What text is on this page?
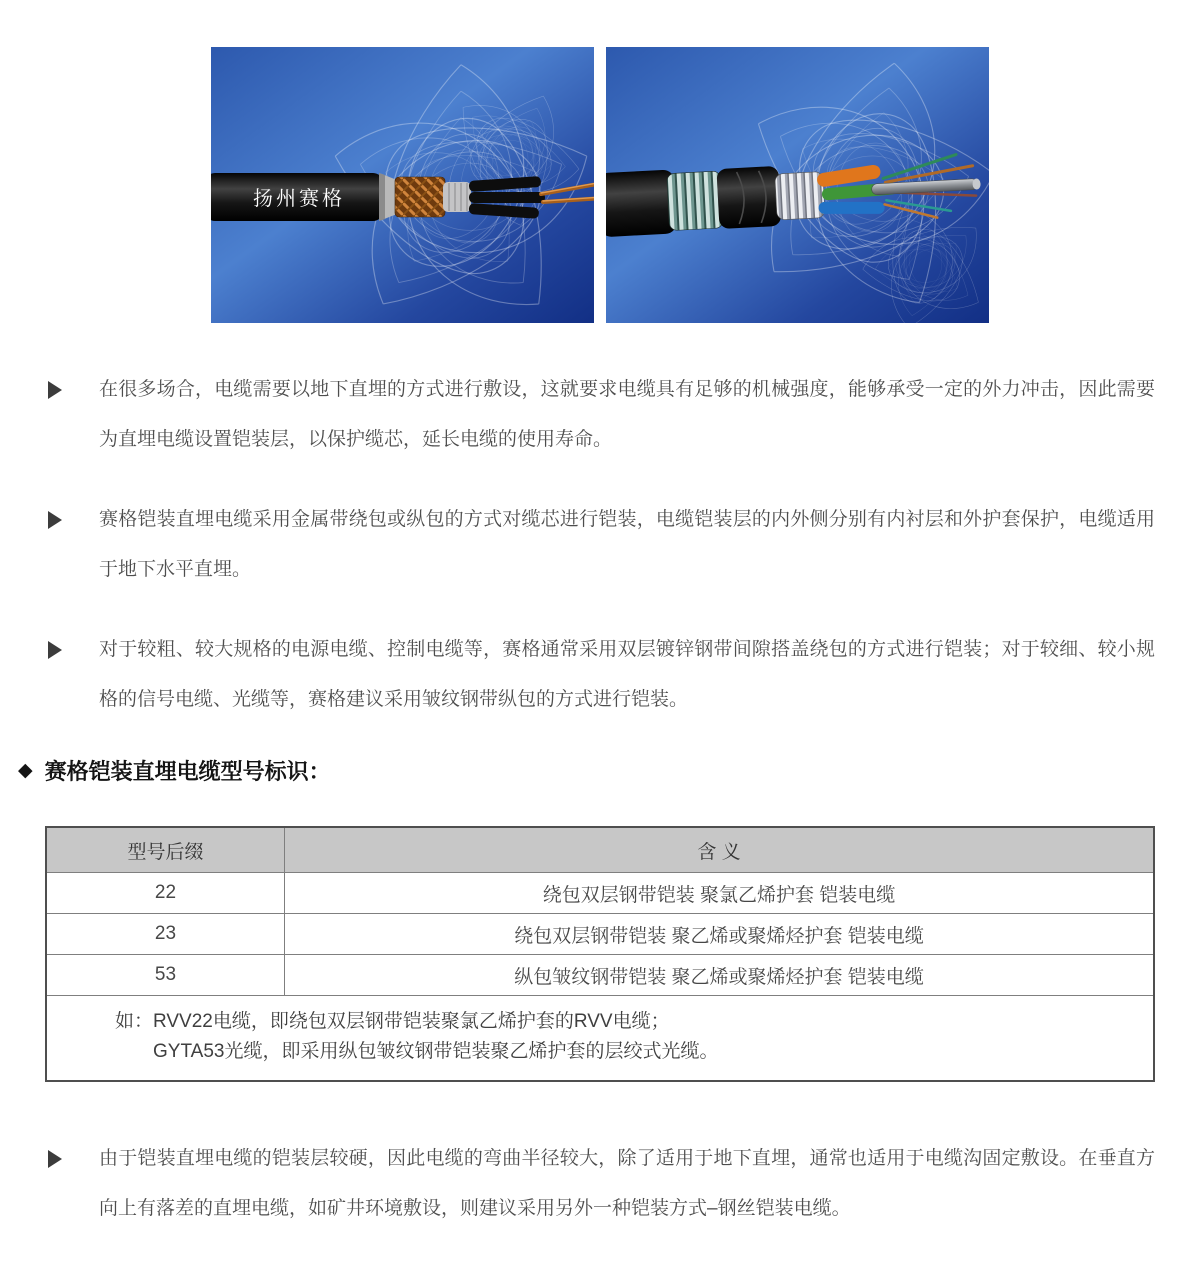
扬州赛格

在很多场合，电缆需要以地下直埋的方式进行敷设，这就要求电缆具有足够的机械强度，能够承受一定的外力冲击，因此需要为直埋电缆设置铠装层，以保护缆芯，延长电缆的使用寿命。

赛格铠装直埋电缆采用金属带绕包或纵包的方式对缆芯进行铠装，电缆铠装层的内外侧分别有内衬层和外护套保护，电缆适用于地下水平直埋。

对于较粗、较大规格的电源电缆、控制电缆等，赛格通常采用双层镀锌钢带间隙搭盖绕包的方式进行铠装；对于较细、较小规格的信号电缆、光缆等，赛格建议采用皱纹钢带纵包的方式进行铠装。

◆ 赛格铠装直埋电缆型号标识：
型号后缀	含 义
22	绕包双层钢带铠装 聚氯乙烯护套 铠装电缆
23	绕包双层钢带铠装 聚乙烯或聚烯烃护套 铠装电缆
53	纵包皱纹钢带铠装 聚乙烯或聚烯烃护套 铠装电缆

如：RVV22电缆，即绕包双层钢带铠装聚氯乙烯护套的RVV电缆；
GYTA53光缆，即采用纵包皱纹钢带铠装聚乙烯护套的层绞式光缆。	

由于铠装直埋电缆的铠装层较硬，因此电缆的弯曲半径较大，除了适用于地下直埋，通常也适用于电缆沟固定敷设。在垂直方向上有落差的直埋电缆，如矿井环境敷设，则建议采用另外一种铠装方式–钢丝铠装电缆。
